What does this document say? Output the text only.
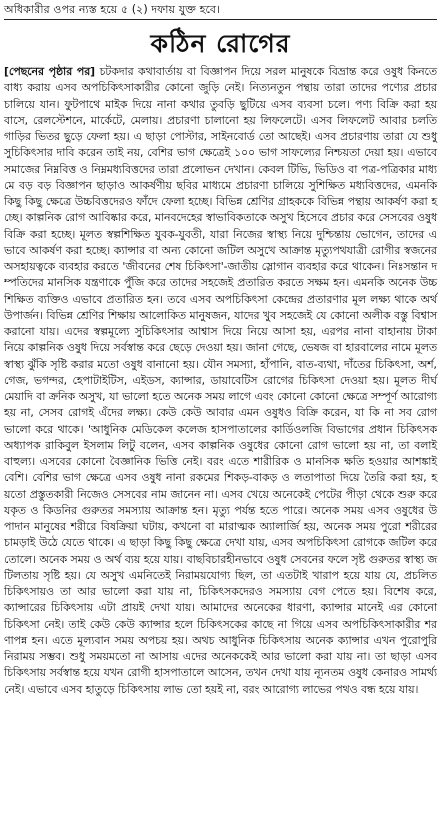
অধিকারীর ওপর ন্যস্ত হয়ে ৫ (২) দফায় যুক্ত হবে।
কঠিন রোগের
[পেছনের পৃষ্ঠার পর] চটকদার কথাবার্তায় বা বিজ্ঞাপন দিয়ে সরল মানুষকে বিভ্রান্ত করে ওষুধ কিনতে বাধ্য করায় এসব অপচিকিৎসাকারীর কোনো জুড়ি নেই। নিত্যনতুন পন্থায় তারা তাদের পণ্যের প্রচার চালিয়ে যান। ফুটপাথে মাইক দিয়ে নানা কথার তুবড়ি ছুটিয়ে এসব ব্যবসা চলে। পণ্য বিক্রি করা হয় বাসে, রেলস্টেশনে, মার্কেটে, মেলায়। প্রচারণা চালানো হয় লিফলেটে। এসব লিফলেট আবার চলতি গাড়ির ভিতর ছুড়ে ফেলা হয়। এ ছাড়া পোস্টার, সাইনবোর্ড তো আছেই। এসব প্রচারণায় তারা যে শুধু সুচিকিৎসার দাবি করেন তাই নয়, বেশির ভাগ ক্ষেত্রেই ১০০ ভাগ সাফল্যের নিশ্চয়তা দেয়া হয়। এভাবে সমাজের নিম্নবিত্ত ও নিম্নমধ্যবিত্তদের তারা প্রলোভন দেখান। কেবল টিভি, ভিডিও বা পত্র-পত্রিকার মাধ্যমে বড় বড় বিজ্ঞাপন ছাড়াও আকর্ষণীয় ছবির মাধ্যমে প্রচারণা চালিয়ে সুশিক্ষিত মধ্যবিত্তদের, এমনকি কিছু কিছু ক্ষেত্রে উচ্চবিত্তদেরও ফাঁদে ফেলা হচ্ছে। বিভিন্ন শ্রেণির গ্রাহককে বিভিন্ন পন্থায় আকর্ষণ করা হচ্ছে। কাল্পনিক রোগ আবিষ্কার করে, মানবদেহের স্বাভাবিকতাকে অসুখ হিসেবে প্রচার করে সেসবের ওষুধ বিক্রি করা হচ্ছে। মূলত স্বল্পশিক্ষিত যুবক-যুবতী, যারা নিজের স্বাস্থ্য নিয়ে দুশ্চিন্তায় ভোগেন, তাদের এভাবে আকর্ষণ করা হচ্ছে। ক্যান্সার বা অন্য কোনো জটিল অসুখে আক্রান্ত মৃত্যুপথযাত্রী রোগীর স্বজনের অসহায়ত্বকে ব্যবহার করতে 'জীবনের শেষ চিকিৎসা'-জাতীয় স্লোগান ব্যবহার করে থাকেন। নিঃসন্তান দম্পতিদের মানসিক যন্ত্রণাকে পুঁজি করে তাদের সহজেই প্রতারিত করতে সক্ষম হন। এমনকি অনেক উচ্চশিক্ষিত ব্যক্তিও এভাবে প্রতারিত হন। তবে এসব অপচিকিৎসা কেন্দ্রের প্রতারণার মূল লক্ষ্য থাকে অর্থ উপার্জন। বিভিন্ন শ্রেণির শিক্ষায় আলোকিত মানুষজন, যাদের খুব সহজেই যে কোনো অলীক বস্তু বিশ্বাস করানো যায়। এদের স্বল্পমূল্যে সুচিকিৎসার আশ্বাস দিয়ে নিয়ে আসা হয়, এরপর নানা বাহানায় টাকা নিয়ে কাল্পনিক ওষুধ দিয়ে সর্বস্বান্ত করে ছেড়ে দেওয়া হয়। জানা গেছে, ভেষজ বা হারবালের নামে মূলত স্বাস্থ্য ঝুঁকি সৃষ্টি করার মতো ওষুধ বানানো হয়। যৌন সমস্যা, হাঁপানি, বাত-ব্যথা, দাঁতের চিকিৎসা, অর্শ, গেজ, ভগন্দর, হেপাটাইটিস, এইডস, ক্যান্সার, ডায়াবেটিস রোগের চিকিৎসা দেওয়া হয়। মূলত দীর্ঘমেয়াদি বা ক্রনিক অসুখ, যা ভালো হতে অনেক সময় লাগে এবং কোনো কোনো ক্ষেত্রে সম্পূর্ণ আরোগ্য হয় না, সেসব রোগই এঁদের লক্ষ্য। কেউ কেউ আবার এমন ওষুধও বিক্রি করেন, যা কি না সব রোগ ভালো করে থাকে। 'আধুনিক মেডিকেল কলেজ হাসপাতালের কার্ডিওলজি বিভাগের প্রধান চিকিৎসক অধ্যাপক রাকিবুল ইসলাম লিটু বলেন, এসব কাল্পনিক ওষুধের কোনো রোগ ভালো হয় না, তা বলাই বাহুল্য। এসবের কোনো বৈজ্ঞানিক ভিত্তি নেই। বরং এতে শারীরিক ও মানসিক ক্ষতি হওয়ার আশঙ্কাই বেশি। বেশির ভাগ ক্ষেত্রে এসব ওষুধ নানা রকমের শিকড়-বাকড় ও লতাপাতা দিয়ে তৈরি করা হয়, হয়তো প্রস্তুতকারী নিজেও সেসবের নাম জানেন না। এসব খেয়ে অনেকেই পেটের পীড়া থেকে শুরু করে যকৃত ও কিডনির গুরুতর সমস্যায় আক্রান্ত হন। মৃত্যু পর্যন্ত হতে পারে। অনেক সময় এসব ওষুধের উপাদান মানুষের শরীরে বিষক্রিয়া ঘটায়, কখনো বা মারাত্মক অ্যালার্জি হয়, অনেক সময় পুরো শরীরের চামড়াই উঠে যেতে থাকে। এ ছাড়া কিছু কিছু ক্ষেত্রে দেখা যায়, এসব অপচিকিৎসা রোগকে জটিল করে তোলে। অনেক সময় ও অর্থ ব্যয় হয়ে যায়। বাছবিচারহীনভাবে ওষুধ সেবনের ফলে সৃষ্ট গুরুতর স্বাস্থ্য জটিলতায় সৃষ্টি হয়। যে অসুখ এমনিতেই নিরাময়যোগ্য ছিল, তা এতটাই খারাপ হয়ে যায় যে, প্রচলিত চিকিৎসায়ও তা আর ভালো করা যায় না, চিকিৎসকদেরও সমস্যায় বেগ পেতে হয়। বিশেষ করে, ক্যান্সারের চিকিৎসায় এটা প্রায়ই দেখা যায়। আমাদের অনেকের ধারণা, ক্যান্সার মানেই এর কোনো চিকিৎসা নেই। তাই কেউ কেউ ক্যান্সার হলে চিকিৎসকের কাছে না গিয়ে এসব অপচিকিৎসাকারীর শরণাপন্ন হন। এতে মূল্যবান সময় অপচয় হয়। অথচ আধুনিক চিকিৎসায় অনেক ক্যান্সার এখন পুরোপুরি নিরাময় সম্ভব। শুধু সময়মতো না আসায় এদের অনেককেই আর ভালো করা যায় না। তা ছাড়া এসব চিকিৎসায় সর্বস্বান্ত হয়ে যখন রোগী হাসপাতালে আসেন, তখন দেখা যায় ন্যূনতম ওষুধ কেনারও সামর্থ্য নেই। এভাবে এসব হাতুড়ে চিকিৎসায় লাভ তো হয়ই না, বরং আরোগ্য লাভের পথও বন্ধ হয়ে যায়।
